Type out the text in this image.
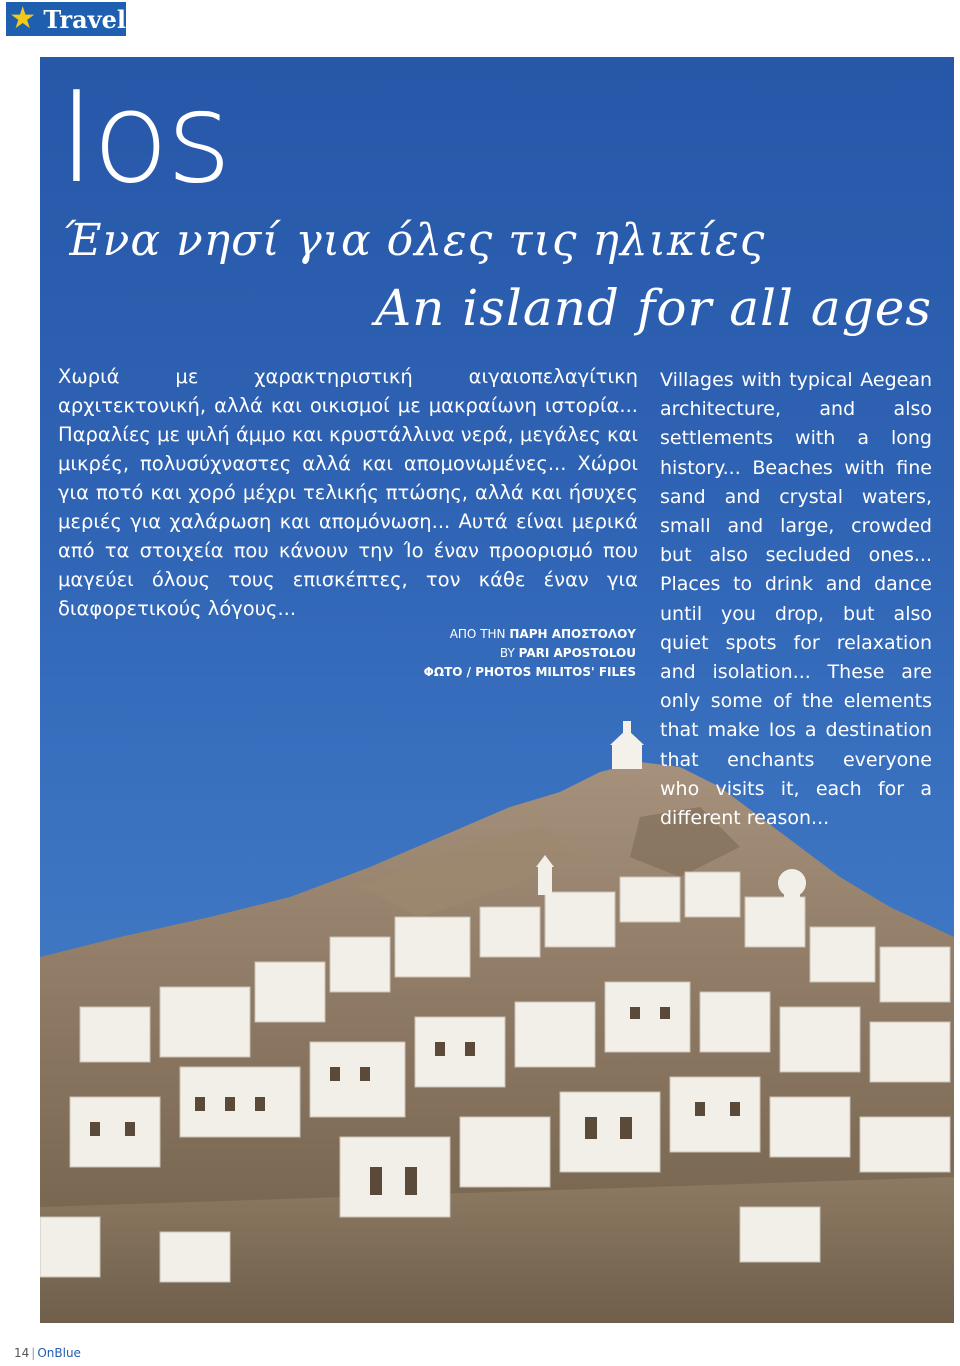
★ Travel
Ios
Ένα νησί για όλες τις ηλικίες
An island for all ages
Χωριά με χαρακτηριστική αιγαιοπελαγίτικη αρχιτεκτονική, αλλά και οικισμοί με μακραίωνη ιστορία... Παραλίες με ψιλή άμμο και κρυστάλλινα νερά, μεγάλες και μικρές, πολυσύχναστες αλλά και απομονωμένες... Χώροι για ποτό και χορό μέχρι τελικής πτώσης, αλλά και ήσυχες μεριές για χαλάρωση και απομόνωση... Αυτά είναι μερικά από τα στοιχεία που κάνουν την Ίο έναν προορισμό που μαγεύει όλους τους επισκέπτες, τον κάθε έναν για διαφορετικούς λόγους...
ΑΠΟ ΤΗΝ ΠΑΡΗ ΑΠΟΣΤΟΛΟΥ
BY PARI APOSTOLOU
ΦΩΤΟ / PHOTOS MILITOS' FILES
Villages with typical Aegean architecture, and also settlements with a long history... Beaches with fine sand and crystal waters, small and large, crowded but also secluded ones... Places to drink and dance until you drop, but also quiet spots for relaxation and isolation... These are only some of the elements that make Ios a destination that enchants everyone who visits it, each for a different reason...
14 | OnBlue
